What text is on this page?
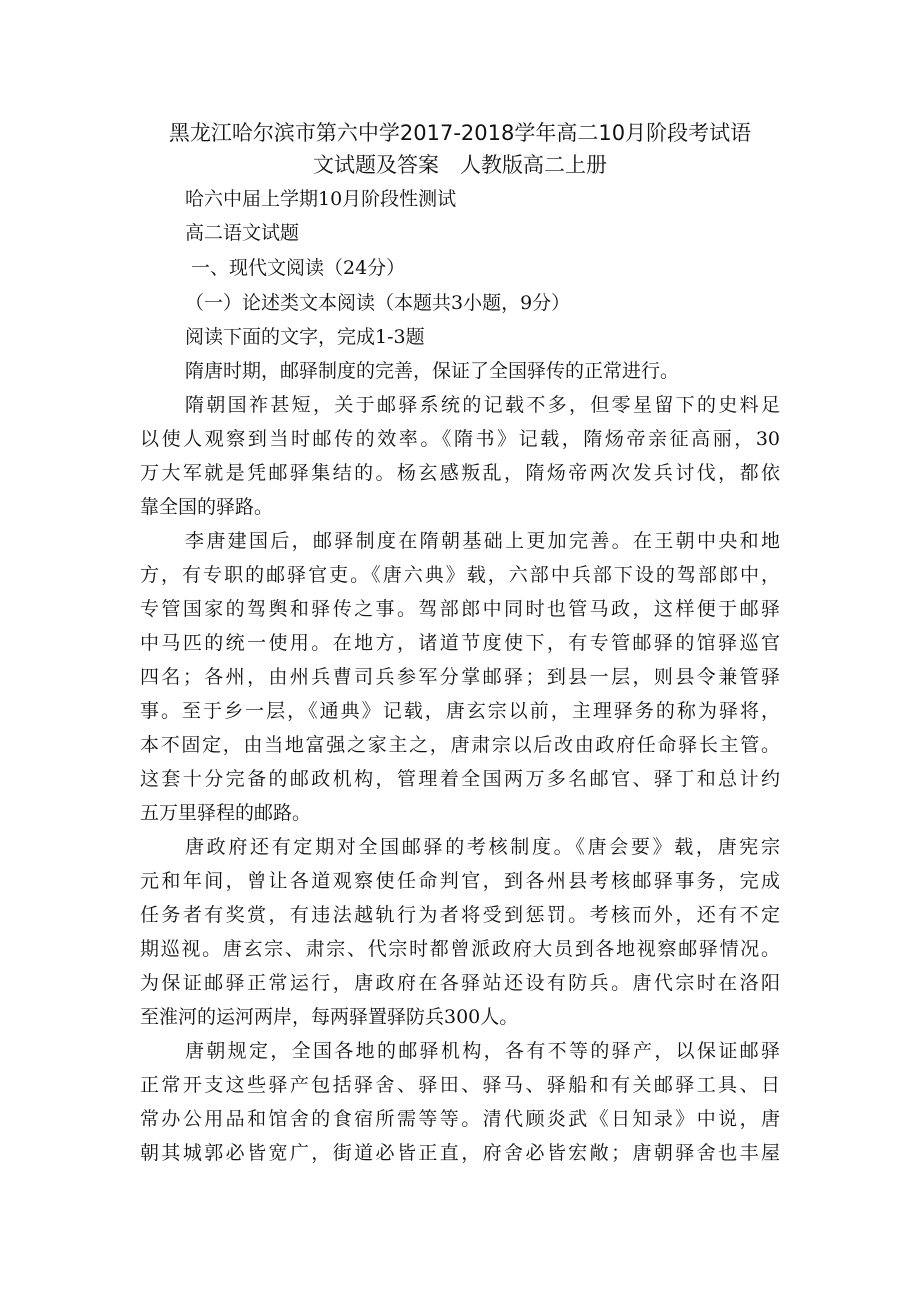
黑龙江哈尔滨市第六中学2017-2018学年高二10月阶段考试语
文试题及答案　人教版高二上册
哈六中届上学期10月阶段性测试
高二语文试题
一、现代文阅读（24分）
（一）论述类文本阅读（本题共3小题，9分）
阅读下面的文字，完成1-3题
隋唐时期，邮驿制度的完善，保证了全国驿传的正常进行。
隋朝国祚甚短，关于邮驿系统的记载不多，但零星留下的史料足
以使人观察到当时邮传的效率。《隋书》记载，隋炀帝亲征高丽，30
万大军就是凭邮驿集结的。杨玄感叛乱，隋炀帝两次发兵讨伐，都依
靠全国的驿路。
李唐建国后，邮驿制度在隋朝基础上更加完善。在王朝中央和地
方，有专职的邮驿官吏。《唐六典》载，六部中兵部下设的驾部郎中，
专管国家的驾舆和驿传之事。驾部郎中同时也管马政，这样便于邮驿
中马匹的统一使用。在地方，诸道节度使下，有专管邮驿的馆驿巡官
四名；各州，由州兵曹司兵参军分掌邮驿；到县一层，则县令兼管驿
事。至于乡一层，《通典》记载，唐玄宗以前，主理驿务的称为驿将，
本不固定，由当地富强之家主之，唐肃宗以后改由政府任命驿长主管。
这套十分完备的邮政机构，管理着全国两万多名邮官、驿丁和总计约
五万里驿程的邮路。
唐政府还有定期对全国邮驿的考核制度。《唐会要》载，唐宪宗
元和年间，曾让各道观察使任命判官，到各州县考核邮驿事务，完成
任务者有奖赏，有违法越轨行为者将受到惩罚。考核而外，还有不定
期巡视。唐玄宗、肃宗、代宗时都曾派政府大员到各地视察邮驿情况。
为保证邮驿正常运行，唐政府在各驿站还设有防兵。唐代宗时在洛阳
至淮河的运河两岸，每两驿置驿防兵300人。
唐朝规定，全国各地的邮驿机构，各有不等的驿产，以保证邮驿
正常开支这些驿产包括驿舍、驿田、驿马、驿船和有关邮驿工具、日
常办公用品和馆舍的食宿所需等等。清代顾炎武《日知录》中说，唐
朝其城郭必皆宽广，街道必皆正直，府舍必皆宏敞；唐朝驿舍也丰屋
